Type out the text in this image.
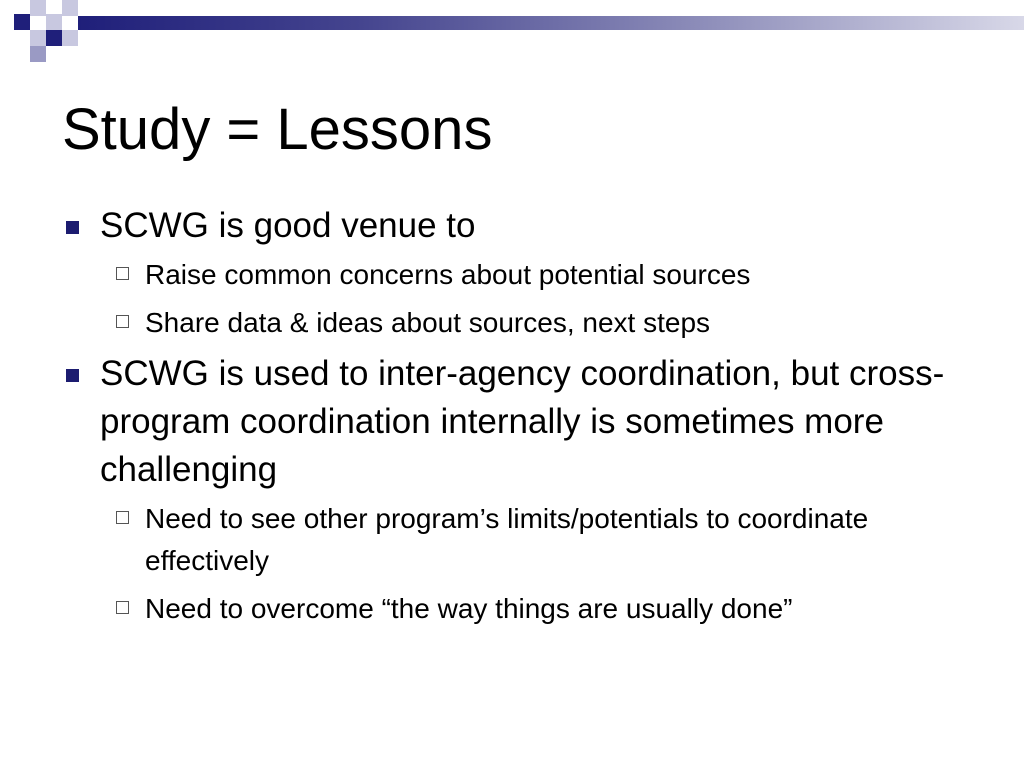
Study = Lessons
SCWG is good venue to
Raise common concerns about potential sources
Share data & ideas about sources, next steps
SCWG is used to inter-agency coordination, but cross-program coordination internally is sometimes more challenging
Need to see other program’s limits/potentials to coordinate effectively
Need to overcome “the way things are usually done”
